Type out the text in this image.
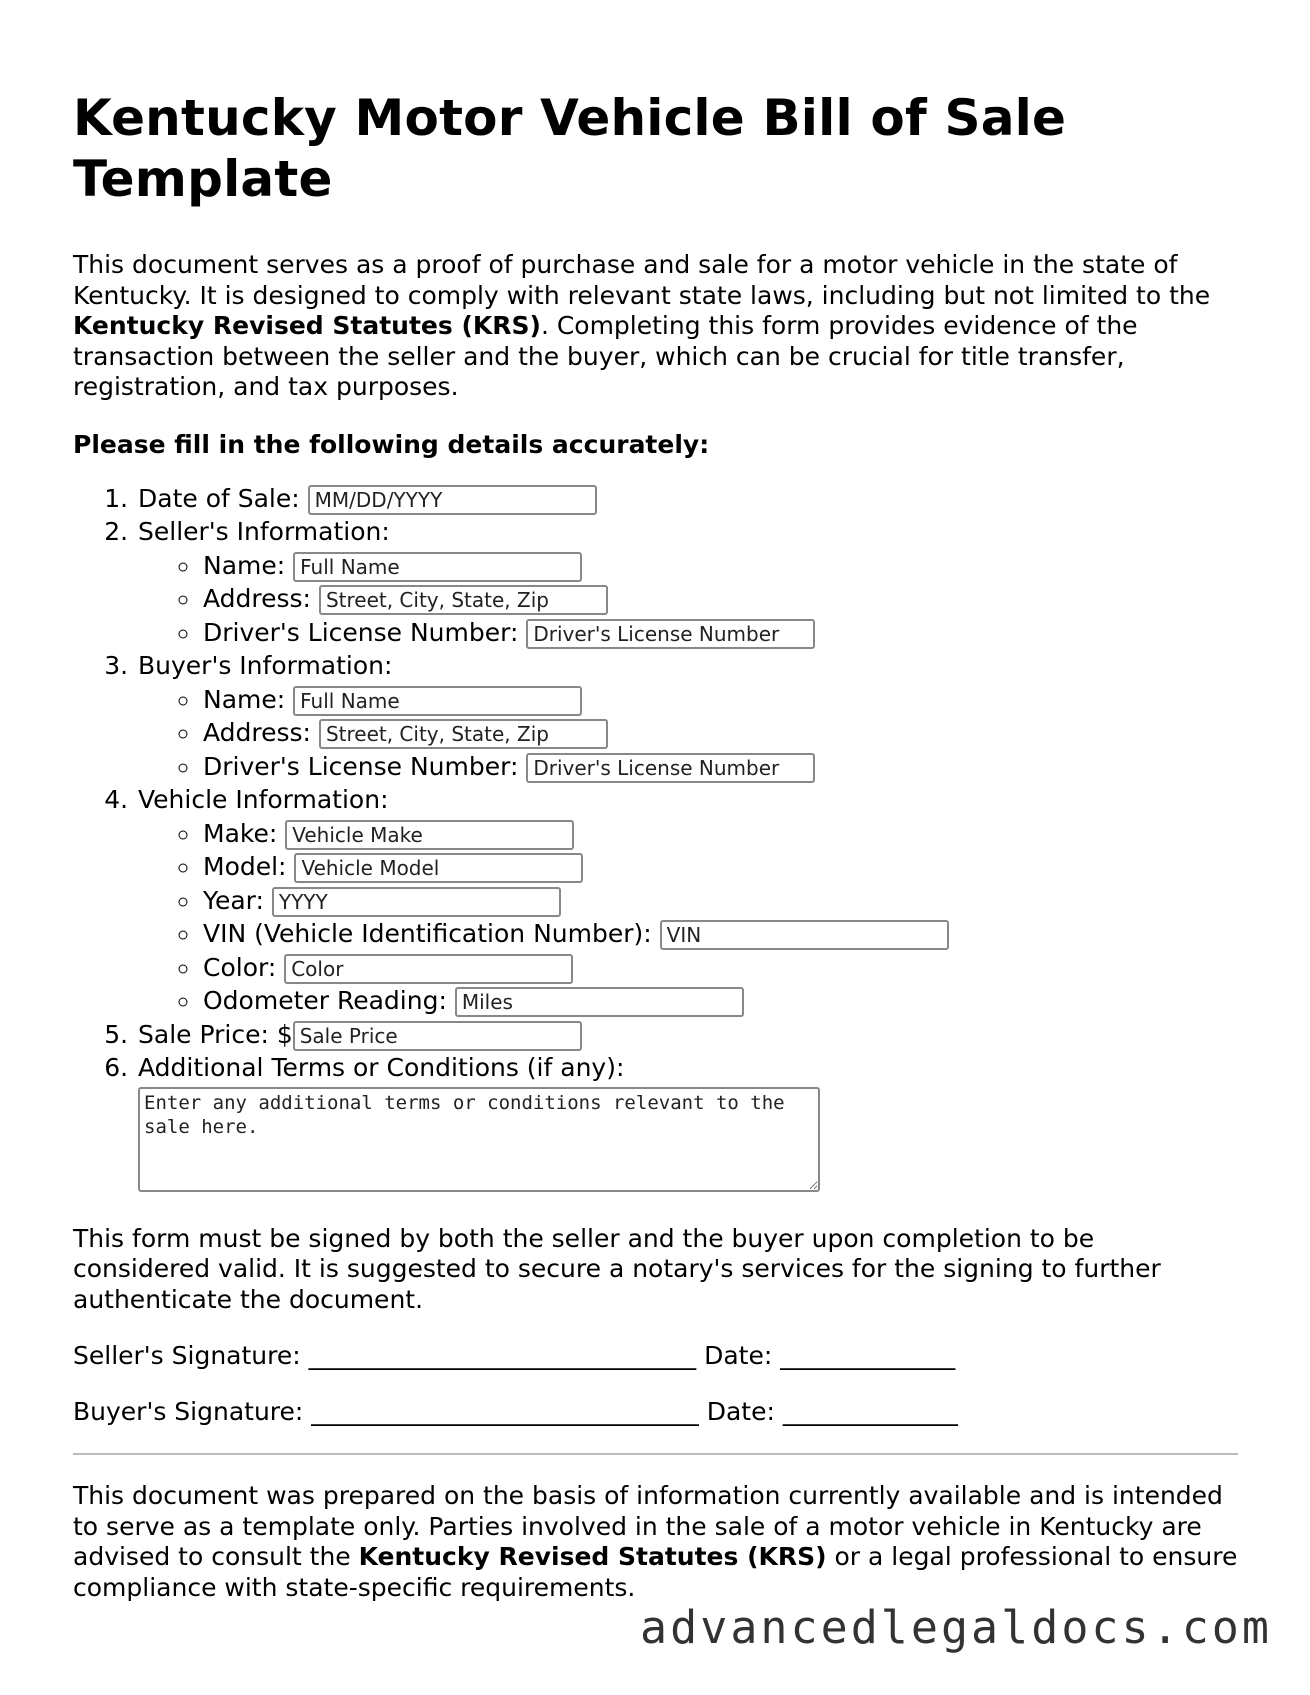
Kentucky Motor Vehicle Bill of Sale Template

This document serves as a proof of purchase and sale for a motor vehicle in the state of Kentucky. It is designed to comply with relevant state laws, including but not limited to the Kentucky Revised Statutes (KRS). Completing this form provides evidence of the transaction between the seller and the buyer, which can be crucial for title transfer, registration, and tax purposes.

Please fill in the following details accurately:

1. Date of Sale: MM/DD/YYYY
2. Seller's Information:
◦ Name: Full Name
◦ Address: Street, City, State, Zip
◦ Driver's License Number: Driver's License Number
3. Buyer's Information:
◦ Name: Full Name
◦ Address: Street, City, State, Zip
◦ Driver's License Number: Driver's License Number
4. Vehicle Information:
◦ Make: Vehicle Make
◦ Model: Vehicle Model
◦ Year: YYYY
◦ VIN (Vehicle Identification Number): VIN
◦ Color: Color
◦ Odometer Reading: Miles
5. Sale Price: $Sale Price
6. Additional Terms or Conditions (if any):
Enter any additional terms or conditions relevant to the sale here.

This form must be signed by both the seller and the buyer upon completion to be considered valid. It is suggested to secure a notary's services for the signing to further authenticate the document.

Seller's Signature: _______________________________ Date: ______________
Buyer's Signature: _______________________________ Date: ______________

This document was prepared on the basis of information currently available and is intended to serve as a template only. Parties involved in the sale of a motor vehicle in Kentucky are advised to consult the Kentucky Revised Statutes (KRS) or a legal professional to ensure compliance with state-specific requirements.

advancedlegaldocs.com
